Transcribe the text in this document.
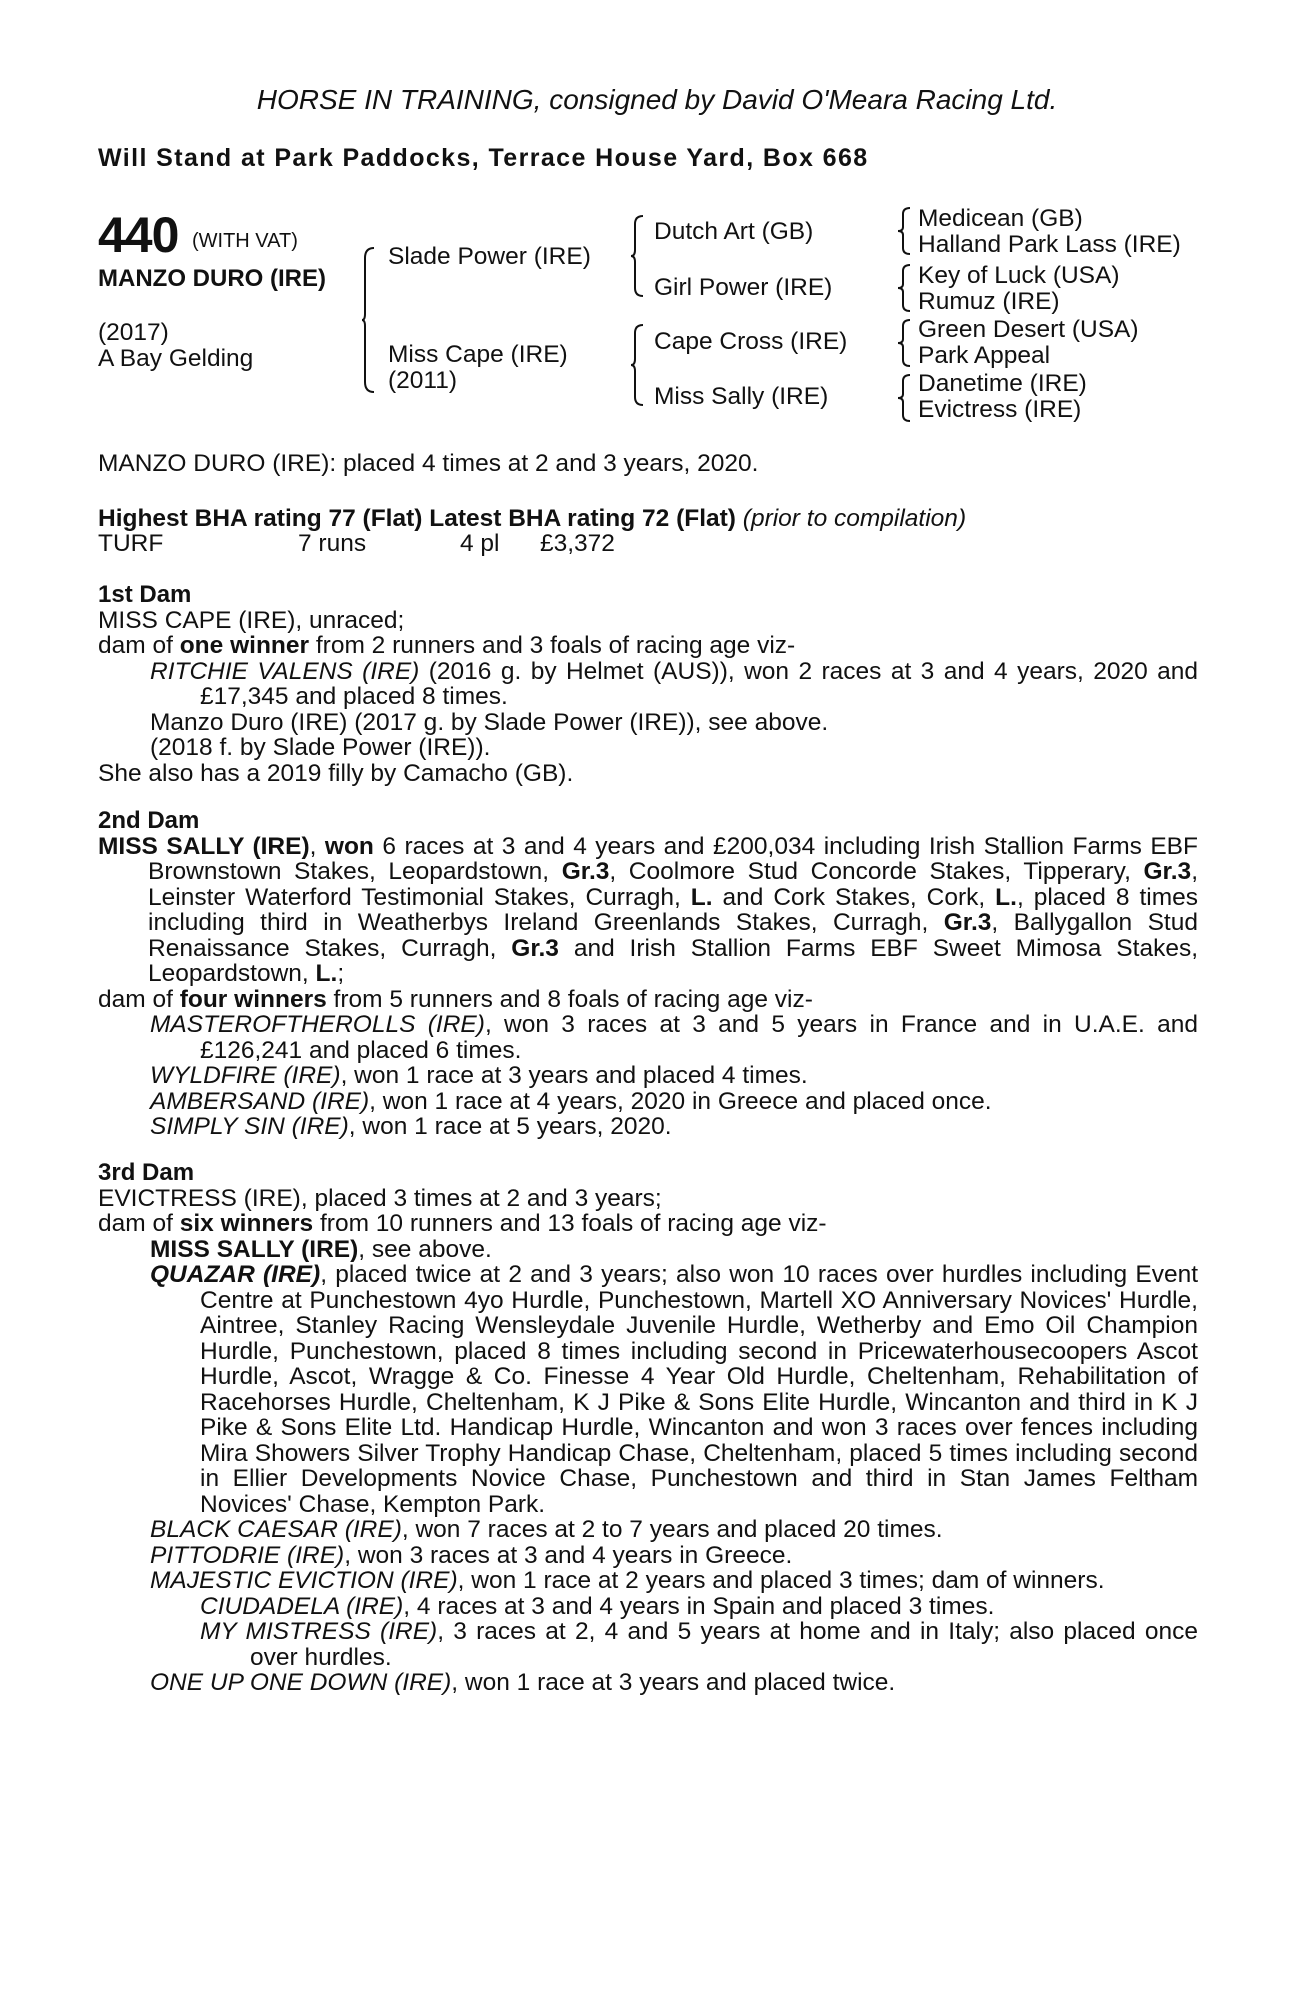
HORSE IN TRAINING, consigned by David O'Meara Racing Ltd.
Will Stand at Park Paddocks, Terrace House Yard, Box 668
440 (WITH VAT)
MANZO DURO (IRE)
(2017)
A Bay Gelding
Slade Power (IRE)
Miss Cape (IRE)
(2011)
Dutch Art (GB)
Girl Power (IRE)
Cape Cross (IRE)
Miss Sally (IRE)
Medicean (GB)
Halland Park Lass (IRE)
Key of Luck (USA)
Rumuz (IRE)
Green Desert (USA)
Park Appeal
Danetime (IRE)
Evictress (IRE)
MANZO DURO (IRE): placed 4 times at 2 and 3 years, 2020.
Highest BHA rating 77 (Flat) Latest BHA rating 72 (Flat) (prior to compilation)
TURF	7 runs	4 pl £3,372
1st Dam
MISS CAPE (IRE), unraced;
dam of one winner from 2 runners and 3 foals of racing age viz-
RITCHIE VALENS (IRE) (2016 g. by Helmet (AUS)), won 2 races at 3 and 4 years, 2020 and £17,345 and placed 8 times.
Manzo Duro (IRE) (2017 g. by Slade Power (IRE)), see above.
(2018 f. by Slade Power (IRE)).
She also has a 2019 filly by Camacho (GB).
2nd Dam
MISS SALLY (IRE), won 6 races at 3 and 4 years and £200,034 including Irish Stallion Farms EBF Brownstown Stakes, Leopardstown, Gr.3, Coolmore Stud Concorde Stakes, Tipperary, Gr.3, Leinster Waterford Testimonial Stakes, Curragh, L. and Cork Stakes, Cork, L., placed 8 times including third in Weatherbys Ireland Greenlands Stakes, Curragh, Gr.3, Ballygallon Stud Renaissance Stakes, Curragh, Gr.3 and Irish Stallion Farms EBF Sweet Mimosa Stakes, Leopardstown, L.;
dam of four winners from 5 runners and 8 foals of racing age viz-
MASTEROFTHEROLLS (IRE), won 3 races at 3 and 5 years in France and in U.A.E. and £126,241 and placed 6 times.
WYLDFIRE (IRE), won 1 race at 3 years and placed 4 times.
AMBERSAND (IRE), won 1 race at 4 years, 2020 in Greece and placed once.
SIMPLY SIN (IRE), won 1 race at 5 years, 2020.
3rd Dam
EVICTRESS (IRE), placed 3 times at 2 and 3 years;
dam of six winners from 10 runners and 13 foals of racing age viz-
MISS SALLY (IRE), see above.
QUAZAR (IRE), placed twice at 2 and 3 years; also won 10 races over hurdles including Event Centre at Punchestown 4yo Hurdle, Punchestown, Martell XO Anniversary Novices' Hurdle, Aintree, Stanley Racing Wensleydale Juvenile Hurdle, Wetherby and Emo Oil Champion Hurdle, Punchestown, placed 8 times including second in Pricewaterhousecoopers Ascot Hurdle, Ascot, Wragge & Co. Finesse 4 Year Old Hurdle, Cheltenham, Rehabilitation of Racehorses Hurdle, Cheltenham, K J Pike & Sons Elite Hurdle, Wincanton and third in K J Pike & Sons Elite Ltd. Handicap Hurdle, Wincanton and won 3 races over fences including Mira Showers Silver Trophy Handicap Chase, Cheltenham, placed 5 times including second in Ellier Developments Novice Chase, Punchestown and third in Stan James Feltham Novices' Chase, Kempton Park.
BLACK CAESAR (IRE), won 7 races at 2 to 7 years and placed 20 times.
PITTODRIE (IRE), won 3 races at 3 and 4 years in Greece.
MAJESTIC EVICTION (IRE), won 1 race at 2 years and placed 3 times; dam of winners.
CIUDADELA (IRE), 4 races at 3 and 4 years in Spain and placed 3 times.
MY MISTRESS (IRE), 3 races at 2, 4 and 5 years at home and in Italy; also placed once over hurdles.
ONE UP ONE DOWN (IRE), won 1 race at 3 years and placed twice.
